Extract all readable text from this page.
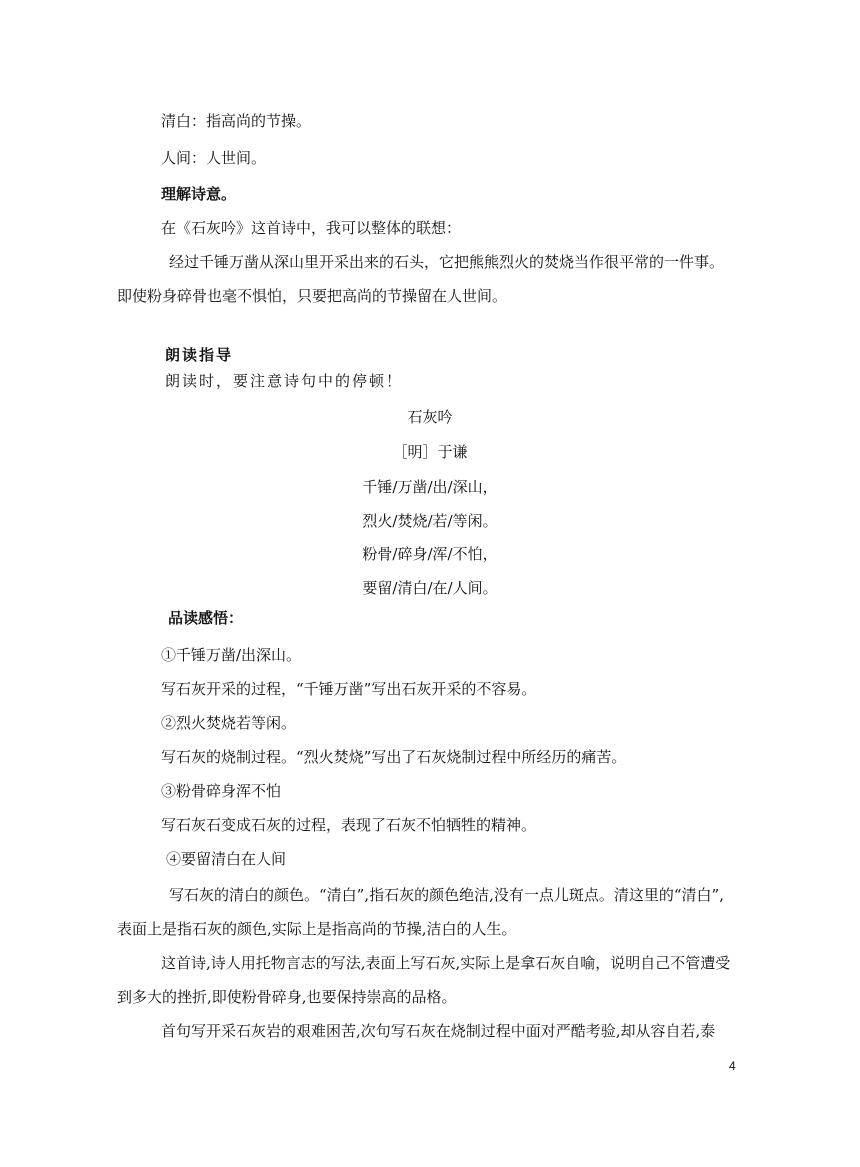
清白：指高尚的节操。
人间：人世间。
理解诗意。
在《石灰吟》这首诗中，我可以整体的联想：
经过千锤万凿从深山里开采出来的石头，它把熊熊烈火的焚烧当作很平常的一件事。
即使粉身碎骨也毫不惧怕，只要把高尚的节操留在人世间。
朗读指导
朗读时，要注意诗句中的停顿！
石灰吟
［明］于谦
千锤/万凿/出/深山，
烈火/焚烧/若/等闲。
粉骨/碎身/浑/不怕，
要留/清白/在/人间。
品读感悟：
①千锤万凿/出深山。
写石灰开采的过程，“千锤万凿”写出石灰开采的不容易。
②烈火焚烧若等闲。
写石灰的烧制过程。“烈火焚烧”写出了石灰烧制过程中所经历的痛苦。
③粉骨碎身浑不怕
写石灰石变成石灰的过程，表现了石灰不怕牺牲的精神。
④要留清白在人间
写石灰的清白的颜色。“清白”,指石灰的颜色绝洁,没有一点儿斑点。清这里的“清白”,
表面上是指石灰的颜色,实际上是指高尚的节操,洁白的人生。
这首诗,诗人用托物言志的写法,表面上写石灰,实际上是拿石灰自喻，说明自己不管遭受
到多大的挫折,即使粉骨碎身,也要保持崇高的品格。
首句写开采石灰岩的艰难困苦,次句写石灰在烧制过程中面对严酷考验,却从容自若,泰
4
